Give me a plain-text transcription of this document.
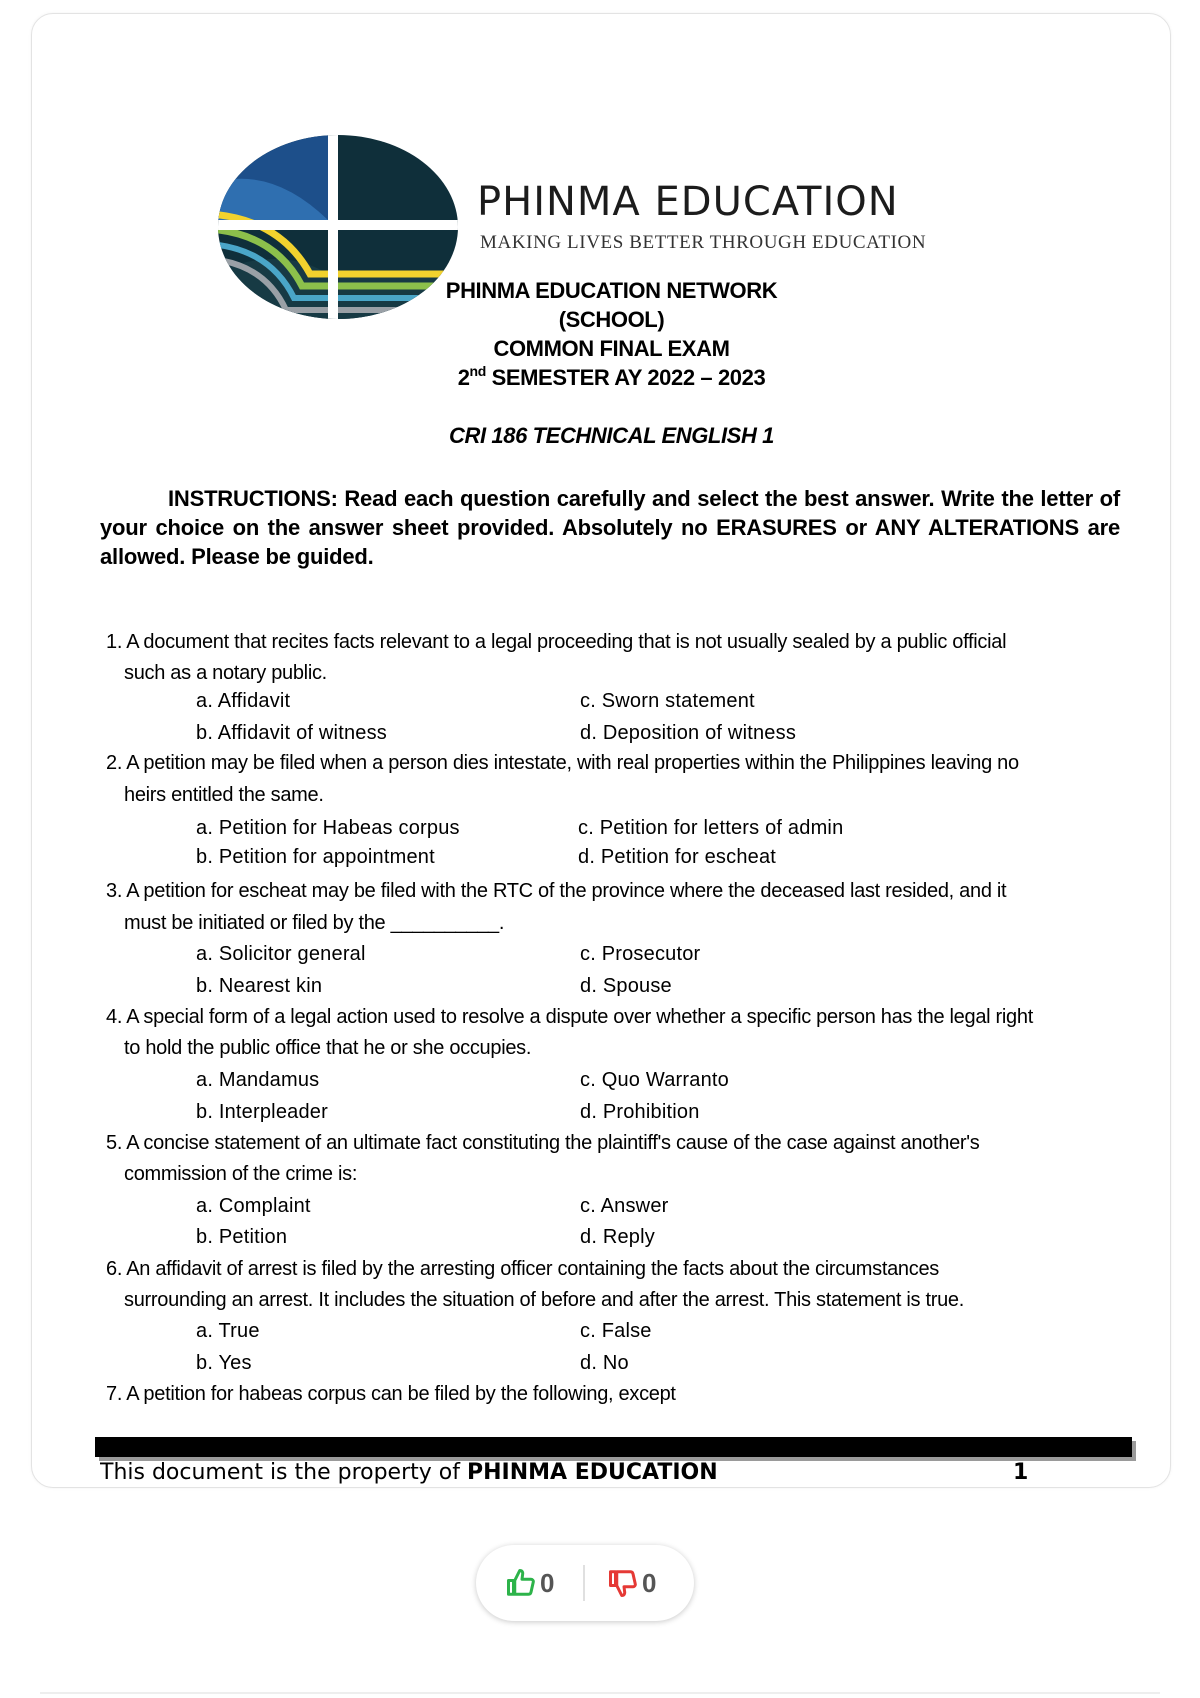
PHINMA EDUCATION

MAKING LIVES BETTER THROUGH EDUCATION

PHINMA EDUCATION NETWORK
(SCHOOL)
COMMON FINAL EXAM
2nd SEMESTER AY 2022 – 2023
CRI 186 TECHNICAL ENGLISH 1

INSTRUCTIONS: Read each question carefully and select the best answer. Write the letter of your choice on the answer sheet provided. Absolutely no ERASURES or ANY ALTERATIONS are allowed. Please be guided.

1. A document that recites facts relevant to a legal proceeding that is not usually sealed by a public official
such as a notary public.
a. Affidavit	c. Sworn statement
b. Affidavit of witness	d. Deposition of witness
2. A petition may be filed when a person dies intestate, with real properties within the Philippines leaving no
heirs entitled the same.
a. Petition for Habeas corpus	c. Petition for letters of admin
b. Petition for appointment	d. Petition for escheat
3. A petition for escheat may be filed with the RTC of the province where the deceased last resided, and it
must be initiated or filed by the __________.
a. Solicitor general	c. Prosecutor
b. Nearest kin	d. Spouse
4. A special form of a legal action used to resolve a dispute over whether a specific person has the legal right
to hold the public office that he or she occupies.
a. Mandamus	c. Quo Warranto
b. Interpleader	d. Prohibition
5. A concise statement of an ultimate fact constituting the plaintiff's cause of the case against another's
commission of the crime is:
a. Complaint	c. Answer
b. Petition	d. Reply
6. An affidavit of arrest is filed by the arresting officer containing the facts about the circumstances
surrounding an arrest. It includes the situation of before and after the arrest. This statement is true.
a. True	c. False
b. Yes	d. No
7. A petition for habeas corpus can be filed by the following, except
This document is the property of PHINMA EDUCATION	1
0	0
